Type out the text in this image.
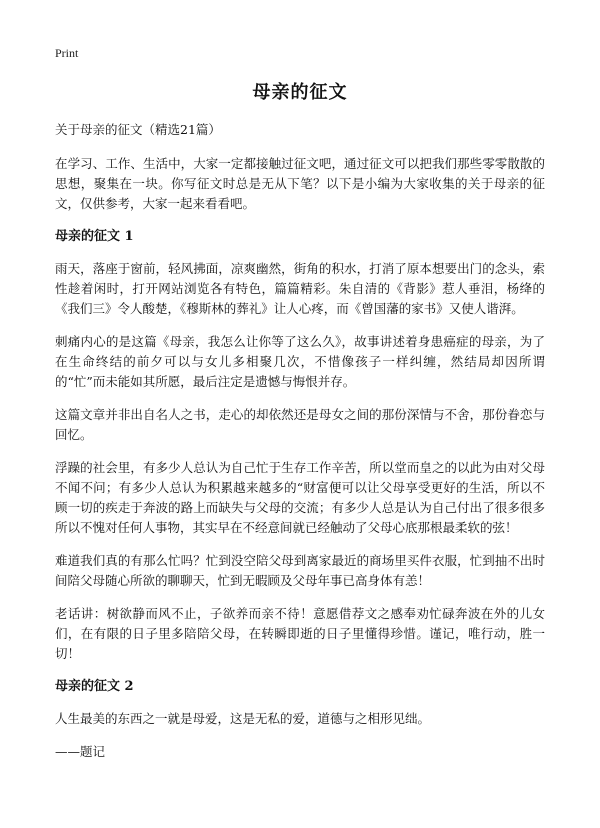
Print
母亲的征文

关于母亲的征文（精选21篇）

在学习、工作、生活中，大家一定都接触过征文吧，通过征文可以把我们那些零零散散的思想，聚集在一块。你写征文时总是无从下笔？以下是小编为大家收集的关于母亲的征文，仅供参考，大家一起来看看吧。

母亲的征文 1

雨天，落座于窗前，轻风拂面，凉爽幽然，街角的积水，打消了原本想要出门的念头，索性趁着闲时，打开网站浏览各有特色，篇篇精彩。朱自清的《背影》惹人垂泪，杨绛的《我们三》令人酸楚，《穆斯林的葬礼》让人心疼，而《曾国藩的家书》又使人谐湃。

刺痛内心的是这篇《母亲，我怎么让你等了这么久》，故事讲述着身患癌症的母亲，为了在生命终结的前夕可以与女儿多相聚几次，不惜像孩子一样纠缠，然结局却因所谓的“忙”而未能如其所愿，最后注定是遗憾与悔恨并存。

这篇文章并非出自名人之书，走心的却依然还是母女之间的那份深情与不舍，那份眷恋与回忆。

浮躁的社会里，有多少人总认为自己忙于生存工作辛苦，所以堂而皇之的以此为由对父母不闻不问；有多少人总认为积累越来越多的“财富便可以让父母享受更好的生活，所以不顾一切的疾走于奔波的路上而缺失与父母的交流；有多少人总是认为自己付出了很多很多所以不愧对任何人事物，其实早在不经意间就已经触动了父母心底那根最柔软的弦！

难道我们真的有那么忙吗？忙到没空陪父母到离家最近的商场里买件衣服，忙到抽不出时间陪父母随心所欲的聊聊天，忙到无暇顾及父母年事已高身体有恙！

老话讲：树欲静而风不止，子欲养而亲不待！意愿借荐文之感奉劝忙碌奔波在外的儿女们，在有限的日子里多陪陪父母，在转瞬即逝的日子里懂得珍惜。谨记，唯行动，胜一切！

母亲的征文 2

人生最美的东西之一就是母爱，这是无私的爱，道德与之相形见绌。

——题记
